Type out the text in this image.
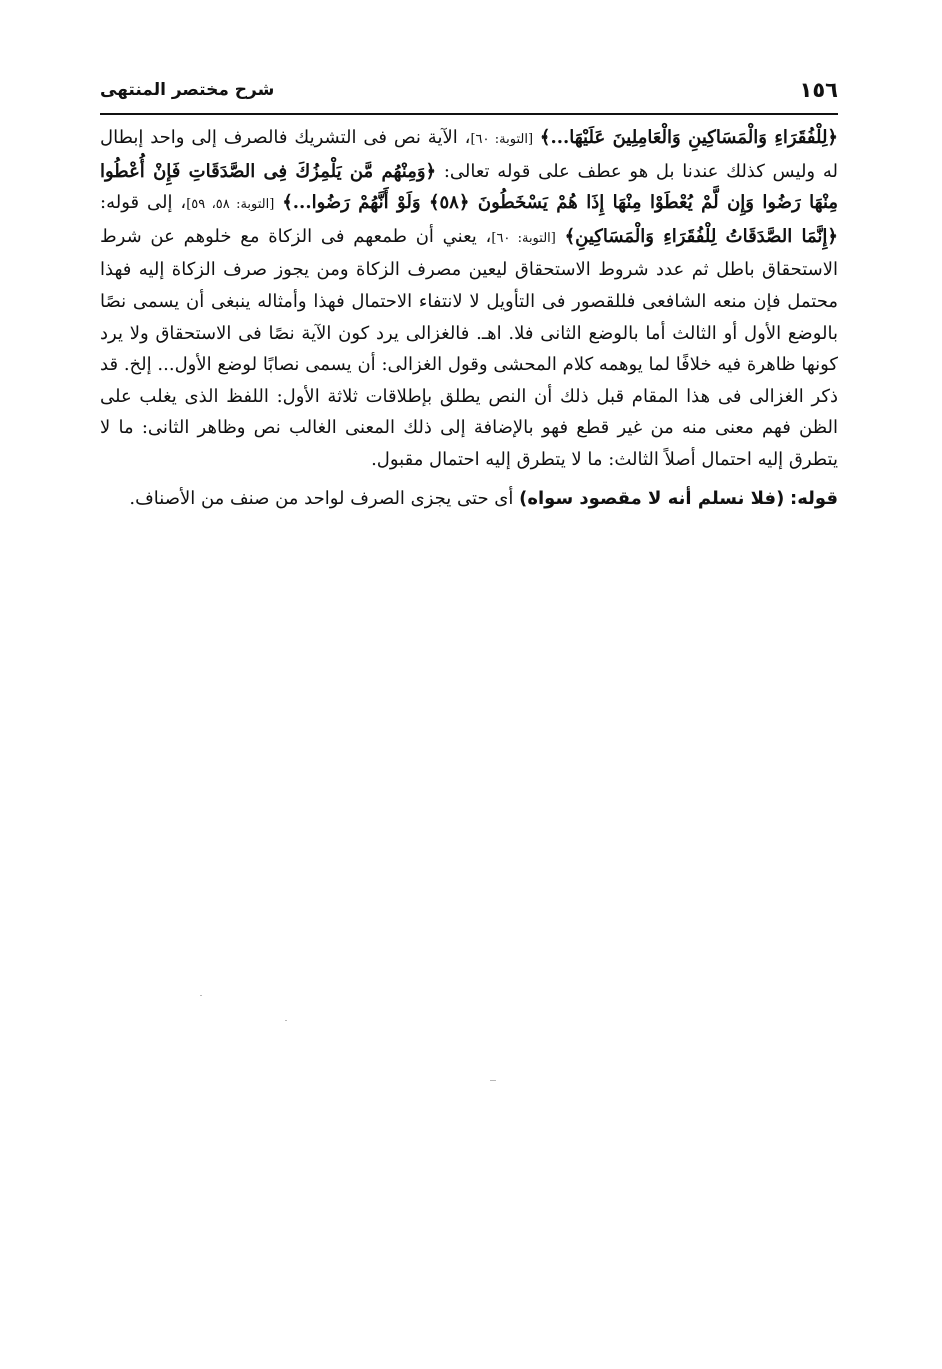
١٥٦
شرح مختصر المنتهى

﴿لِلْفُقَرَاءِ وَالْمَسَاكِينِ وَالْعَامِلِينَ عَلَيْهَا...﴾ [التوبة: ٦٠]، الآية نص فى التشريك فالصرف إلى واحد إبطال له وليس كذلك عندنا بل هو عطف على قوله تعالى: ﴿وَمِنْهُم مَّن يَلْمِزُكَ فِى الصَّدَقَاتِ فَإِنْ أُعْطُوا مِنْهَا رَضُوا وَإِن لَّمْ يُعْطَوْا مِنْهَا إِذَا هُمْ يَسْخَطُونَ ﴿٥٨﴾ وَلَوْ أَنَّهُمْ رَضُوا...﴾ [التوبة: ٥٨، ٥٩]، إلى قوله: ﴿إِنَّمَا الصَّدَقَاتُ لِلْفُقَرَاءِ وَالْمَسَاكِينِ﴾ [التوبة: ٦٠]، يعني أن طمعهم فى الزكاة مع خلوهم عن شرط الاستحقاق باطل ثم عدد شروط الاستحقاق ليعين مصرف الزكاة ومن يجوز صرف الزكاة إليه فهذا محتمل فإن منعه الشافعى فللقصور فى التأويل لا لانتفاء الاحتمال فهذا وأمثاله ينبغى أن يسمى نصًا بالوضع الأول أو الثالث أما بالوضع الثانى فلا. اهـ. فالغزالى يرد كون الآية نصًا فى الاستحقاق ولا يرد كونها ظاهرة فيه خلافًا لما يوهمه كلام المحشى وقول الغزالى: أن يسمى نصابًا لوضع الأول... إلخ. قد ذكر الغزالى فى هذا المقام قبل ذلك أن النص يطلق بإطلاقات ثلاثة الأول: اللفظ الذى يغلب على الظن فهم معنى منه من غير قطع فهو بالإضافة إلى ذلك المعنى الغالب نص وظاهر الثانى: ما لا يتطرق إليه احتمال أصلاً الثالث: ما لا يتطرق إليه احتمال مقبول.

قوله: (فلا نسلم أنه لا مقصود سواه) أى حتى يجزى الصرف لواحد من صنف من الأصناف.
